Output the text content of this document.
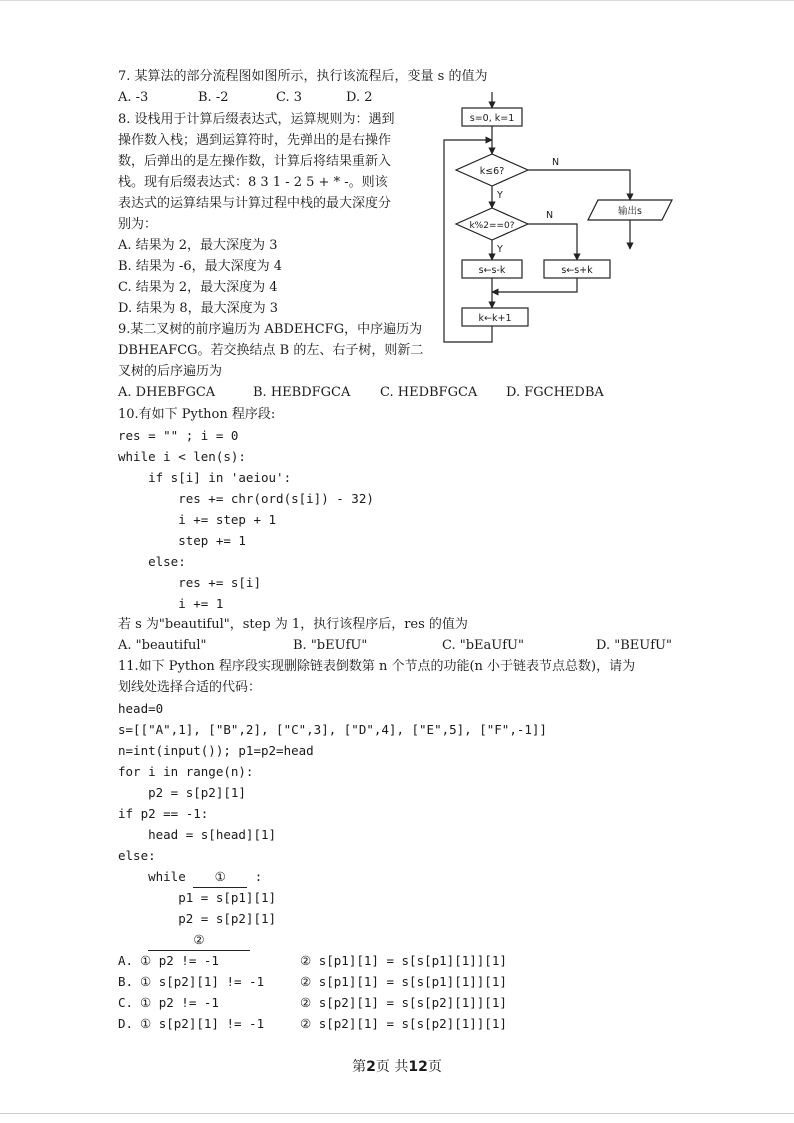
7. 某算法的部分流程图如图所示，执行该流程后，变量 s 的值为
A. -3	B. -2	C. 3	D. 2
8. 设栈用于计算后缀表达式，运算规则为：遇到
操作数入栈；遇到运算符时，先弹出的是右操作
数，后弹出的是左操作数，计算后将结果重新入
栈。现有后缀表达式：8 3 1 - 2 5 + * -。则该
表达式的运算结果与计算过程中栈的最大深度分
别为：
A. 结果为 2，最大深度为 3
B. 结果为 -6，最大深度为 4
C. 结果为 2，最大深度为 4
D. 结果为 8，最大深度为 3
9.某二叉树的前序遍历为 ABDEHCFG，中序遍历为
DBHEAFCG。若交换结点 B 的左、右子树，则新二
叉树的后序遍历为
A. DHEBFGCA	B. HEBDFGCA C. HEDBFGCA D. FGCHEDBA
s=0, k=1
k≤6?
N
Y
输出s
k%2==0?
N
Y
s←s-k	s←s+k
k←k+1
10.有如下 Python 程序段:
res = "" ; i = 0
while i < len(s):
if s[i] in 'aeiou':
res += chr(ord(s[i]) - 32)
i += step + 1
step += 1
else:
res += s[i]
i += 1
若 s 为"beautiful"，step 为 1，执行该程序后，res 的值为
A. "beautiful"	B. "bEUfU"	C. "bEaUfU"	D. "BEUfU"
11.如下 Python 程序段实现删除链表倒数第 n 个节点的功能(n 小于链表节点总数)，请为
划线处选择合适的代码：
head=0
s=[["A",1], ["B",2], ["C",3], ["D",4], ["E",5], ["F",-1]]
n=int(input()); p1=p2=head
for i in range(n):
p2 = s[p2][1]
if p2 == -1:
head = s[head][1]
else:
while ① :
p1 = s[p1][1]
p2 = s[p2][1]
②
A. ① p2 != -1	② s[p1][1] = s[s[p1][1]][1]
B. ① s[p2][1] != -1	② s[p1][1] = s[s[p1][1]][1]
C. ① p2 != -1	② s[p2][1] = s[s[p2][1]][1]
D. ① s[p2][1] != -1	② s[p2][1] = s[s[p2][1]][1]
第2页 共12页
